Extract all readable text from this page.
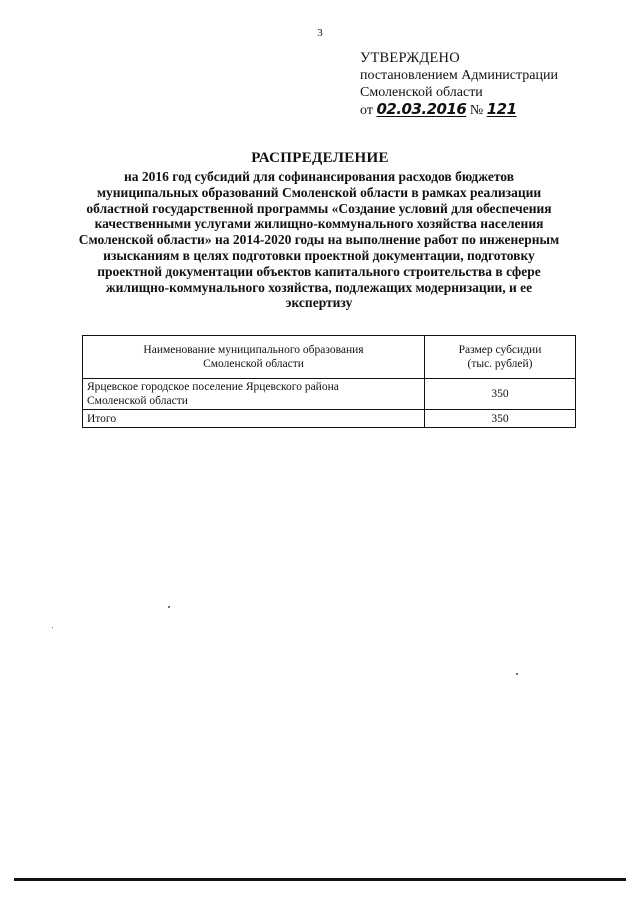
3
УТВЕРЖДЕНО
постановлением Администрации
Смоленской области
от 02.03.2016 № 121
РАСПРЕДЕЛЕНИЕ
на 2016 год субсидий для софинансирования расходов бюджетов
муниципальных образований Смоленской области в рамках реализации
областной государственной программы «Создание условий для обеспечения
качественными услугами жилищно-коммунального хозяйства населения
Смоленской области» на 2014-2020 годы на выполнение работ по инженерным
изысканиям в целях подготовки проектной документации, подготовку
проектной документации объектов капитального строительства в сфере
жилищно-коммунального хозяйства, подлежащих модернизации, и ее
экспертизу
Наименование муниципального образования
Смоленской области	Размер субсидии
(тыс. рублей)

Ярцевское городское поселение Ярцевского района
Смоленской области	350
Итого	350
